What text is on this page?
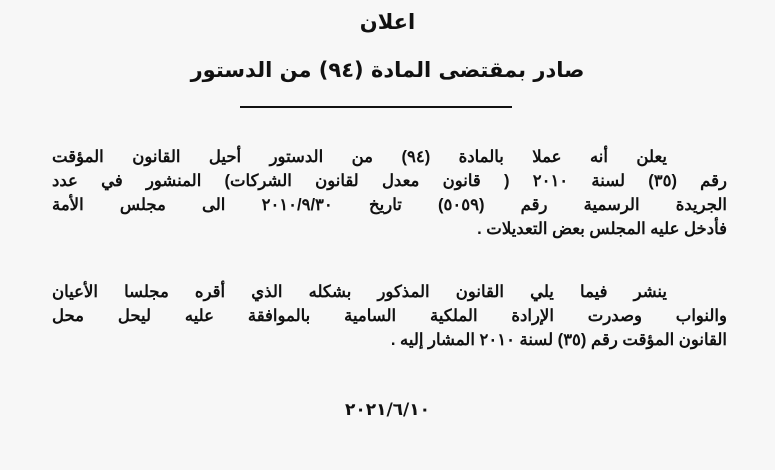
اعلان
صادر بمقتضى المادة (٩٤) من الدستور
يعلن أنه عملا بالمادة (٩٤) من الدستور أحيل القانون المؤقت
رقم (٣٥) لسنة ٢٠١٠ ( قانون معدل لقانون الشركات) المنشور في عدد
الجريدة الرسمية رقم (٥٠٥٩) تاريخ ٢٠١٠/٩/٣٠ الى مجلس الأمة
فأدخل عليه المجلس بعض التعديلات .
ينشر فيما يلي القانون المذكور بشكله الذي أقره مجلسا الأعيان
والنواب وصدرت الإرادة الملكية السامية بالموافقة عليه ليحل محل
القانون المؤقت رقم (٣٥) لسنة ٢٠١٠ المشار إليه .
٢٠٢١/٦/١٠
